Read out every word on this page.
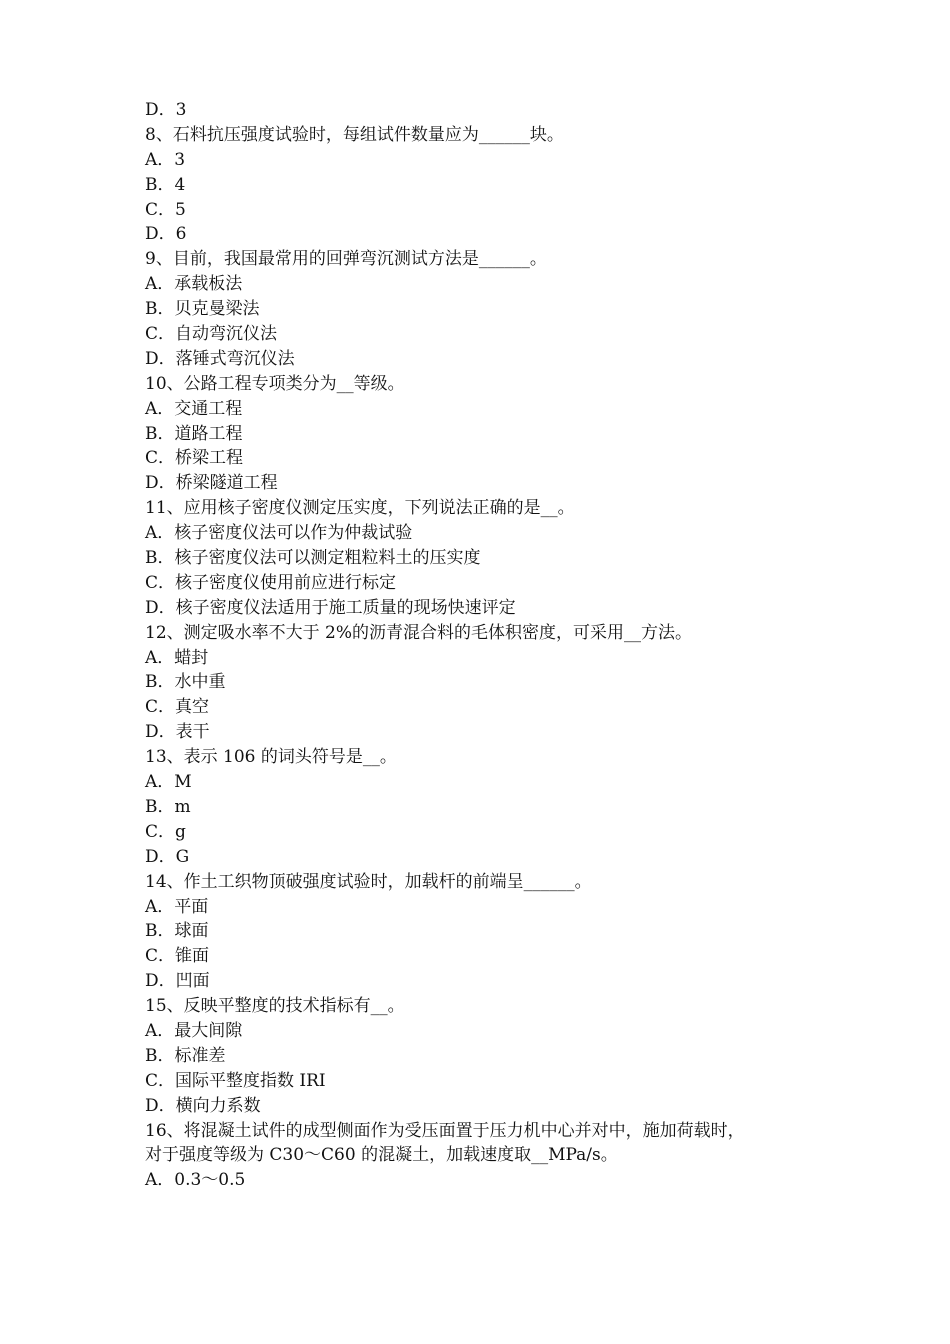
D．3
8、石料抗压强度试验时，每组试件数量应为______块。
A．3
B．4
C．5
D．6
9、目前，我国最常用的回弹弯沉测试方法是______。
A．承载板法
B．贝克曼梁法
C．自动弯沉仪法
D．落锤式弯沉仪法
10、公路工程专项类分为__等级。
A．交通工程
B．道路工程
C．桥梁工程
D．桥梁隧道工程
11、应用核子密度仪测定压实度，下列说法正确的是__。
A．核子密度仪法可以作为仲裁试验
B．核子密度仪法可以测定粗粒料土的压实度
C．核子密度仪使用前应进行标定
D．核子密度仪法适用于施工质量的现场快速评定
12、测定吸水率不大于 2%的沥青混合料的毛体积密度，可采用__方法。
A．蜡封
B．水中重
C．真空
D．表干
13、表示 106 的词头符号是__。
A．M
B．m
C．g
D．G
14、作土工织物顶破强度试验时，加载杆的前端呈______。
A．平面
B．球面
C．锥面
D．凹面
15、反映平整度的技术指标有__。
A．最大间隙
B．标准差
C．国际平整度指数 IRI
D．横向力系数
16、将混凝土试件的成型侧面作为受压面置于压力机中心并对中，施加荷载时，
对于强度等级为 C30～C60 的混凝土，加载速度取__MPa/s。
A．0.3～0.5
